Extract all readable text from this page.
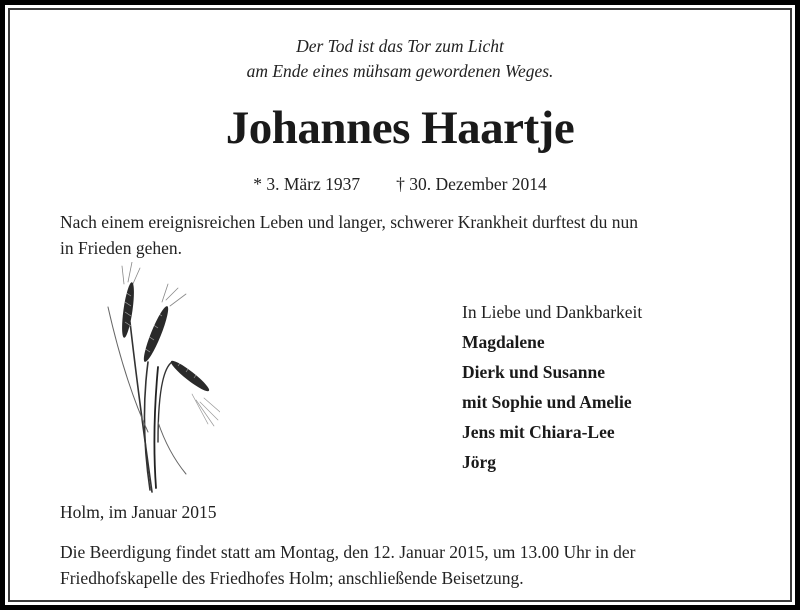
Der Tod ist das Tor zum Licht
am Ende eines mühsam gewordenen Weges.
Johannes Haartje
* 3. März 1937 † 30. Dezember 2014
Nach einem ereignisreichen Leben und langer, schwerer Krankheit durftest du nun
in Frieden gehen.
In Liebe und Dankbarkeit
Magdalene
Dierk und Susanne
mit Sophie und Amelie
Jens mit Chiara-Lee
Jörg
Holm, im Januar 2015
Die Beerdigung findet statt am Montag, den 12. Januar 2015, um 13.00 Uhr in der
Friedhofskapelle des Friedhofes Holm; anschließende Beisetzung.
